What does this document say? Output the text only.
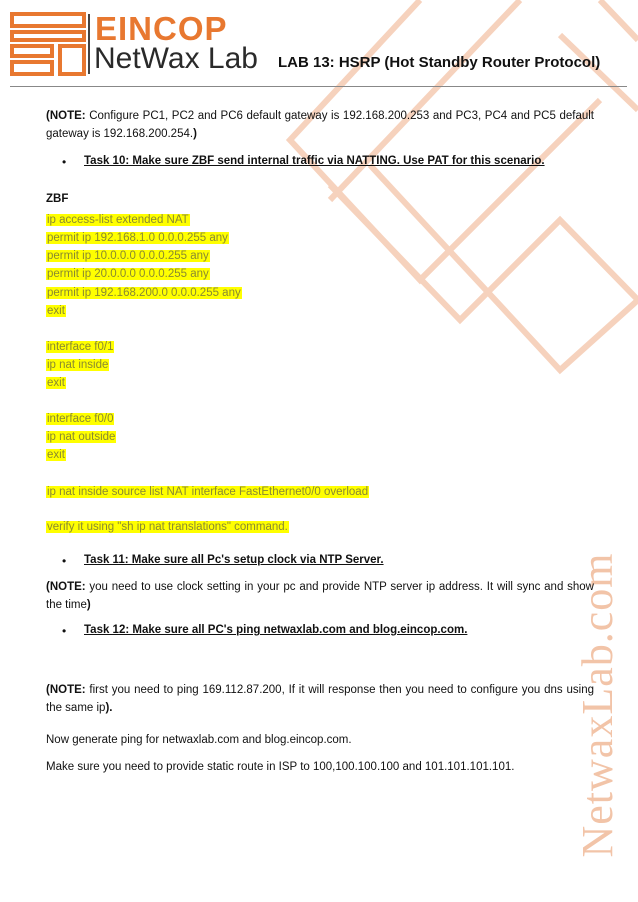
NetwaxLab.com
EINCOP
NetWax Lab LAB 13: HSRP (Hot Standby Router Protocol)
(NOTE: Configure PC1, PC2 and PC6 default gateway is 192.168.200.253 and PC3, PC4 and PC5 default gateway is 192.168.200.254.)
• Task 10: Make sure ZBF send internal traffic via NATTING. Use PAT for this scenario.
ZBF
ip access-list extended NAT
permit ip 192.168.1.0 0.0.0.255 any
permit ip 10.0.0.0 0.0.0.255 any
permit ip 20.0.0.0 0.0.0.255 any
permit ip 192.168.200.0 0.0.0.255 any
exit
interface f0/1
ip nat inside
exit
interface f0/0
ip nat outside
exit
ip nat inside source list NAT interface FastEthernet0/0 overload
verify it using "sh ip nat translations" command.
• Task 11: Make sure all Pc's setup clock via NTP Server.
(NOTE: you need to use clock setting in your pc and provide NTP server ip address. It will sync and show the time)
• Task 12: Make sure all PC's ping netwaxlab.com and blog.eincop.com.
(NOTE: first you need to ping 169.112.87.200, If it will response then you need to configure you dns using the same ip).
Now generate ping for netwaxlab.com and blog.eincop.com.
Make sure you need to provide static route in ISP to 100,100.100.100 and 101.101.101.101.
